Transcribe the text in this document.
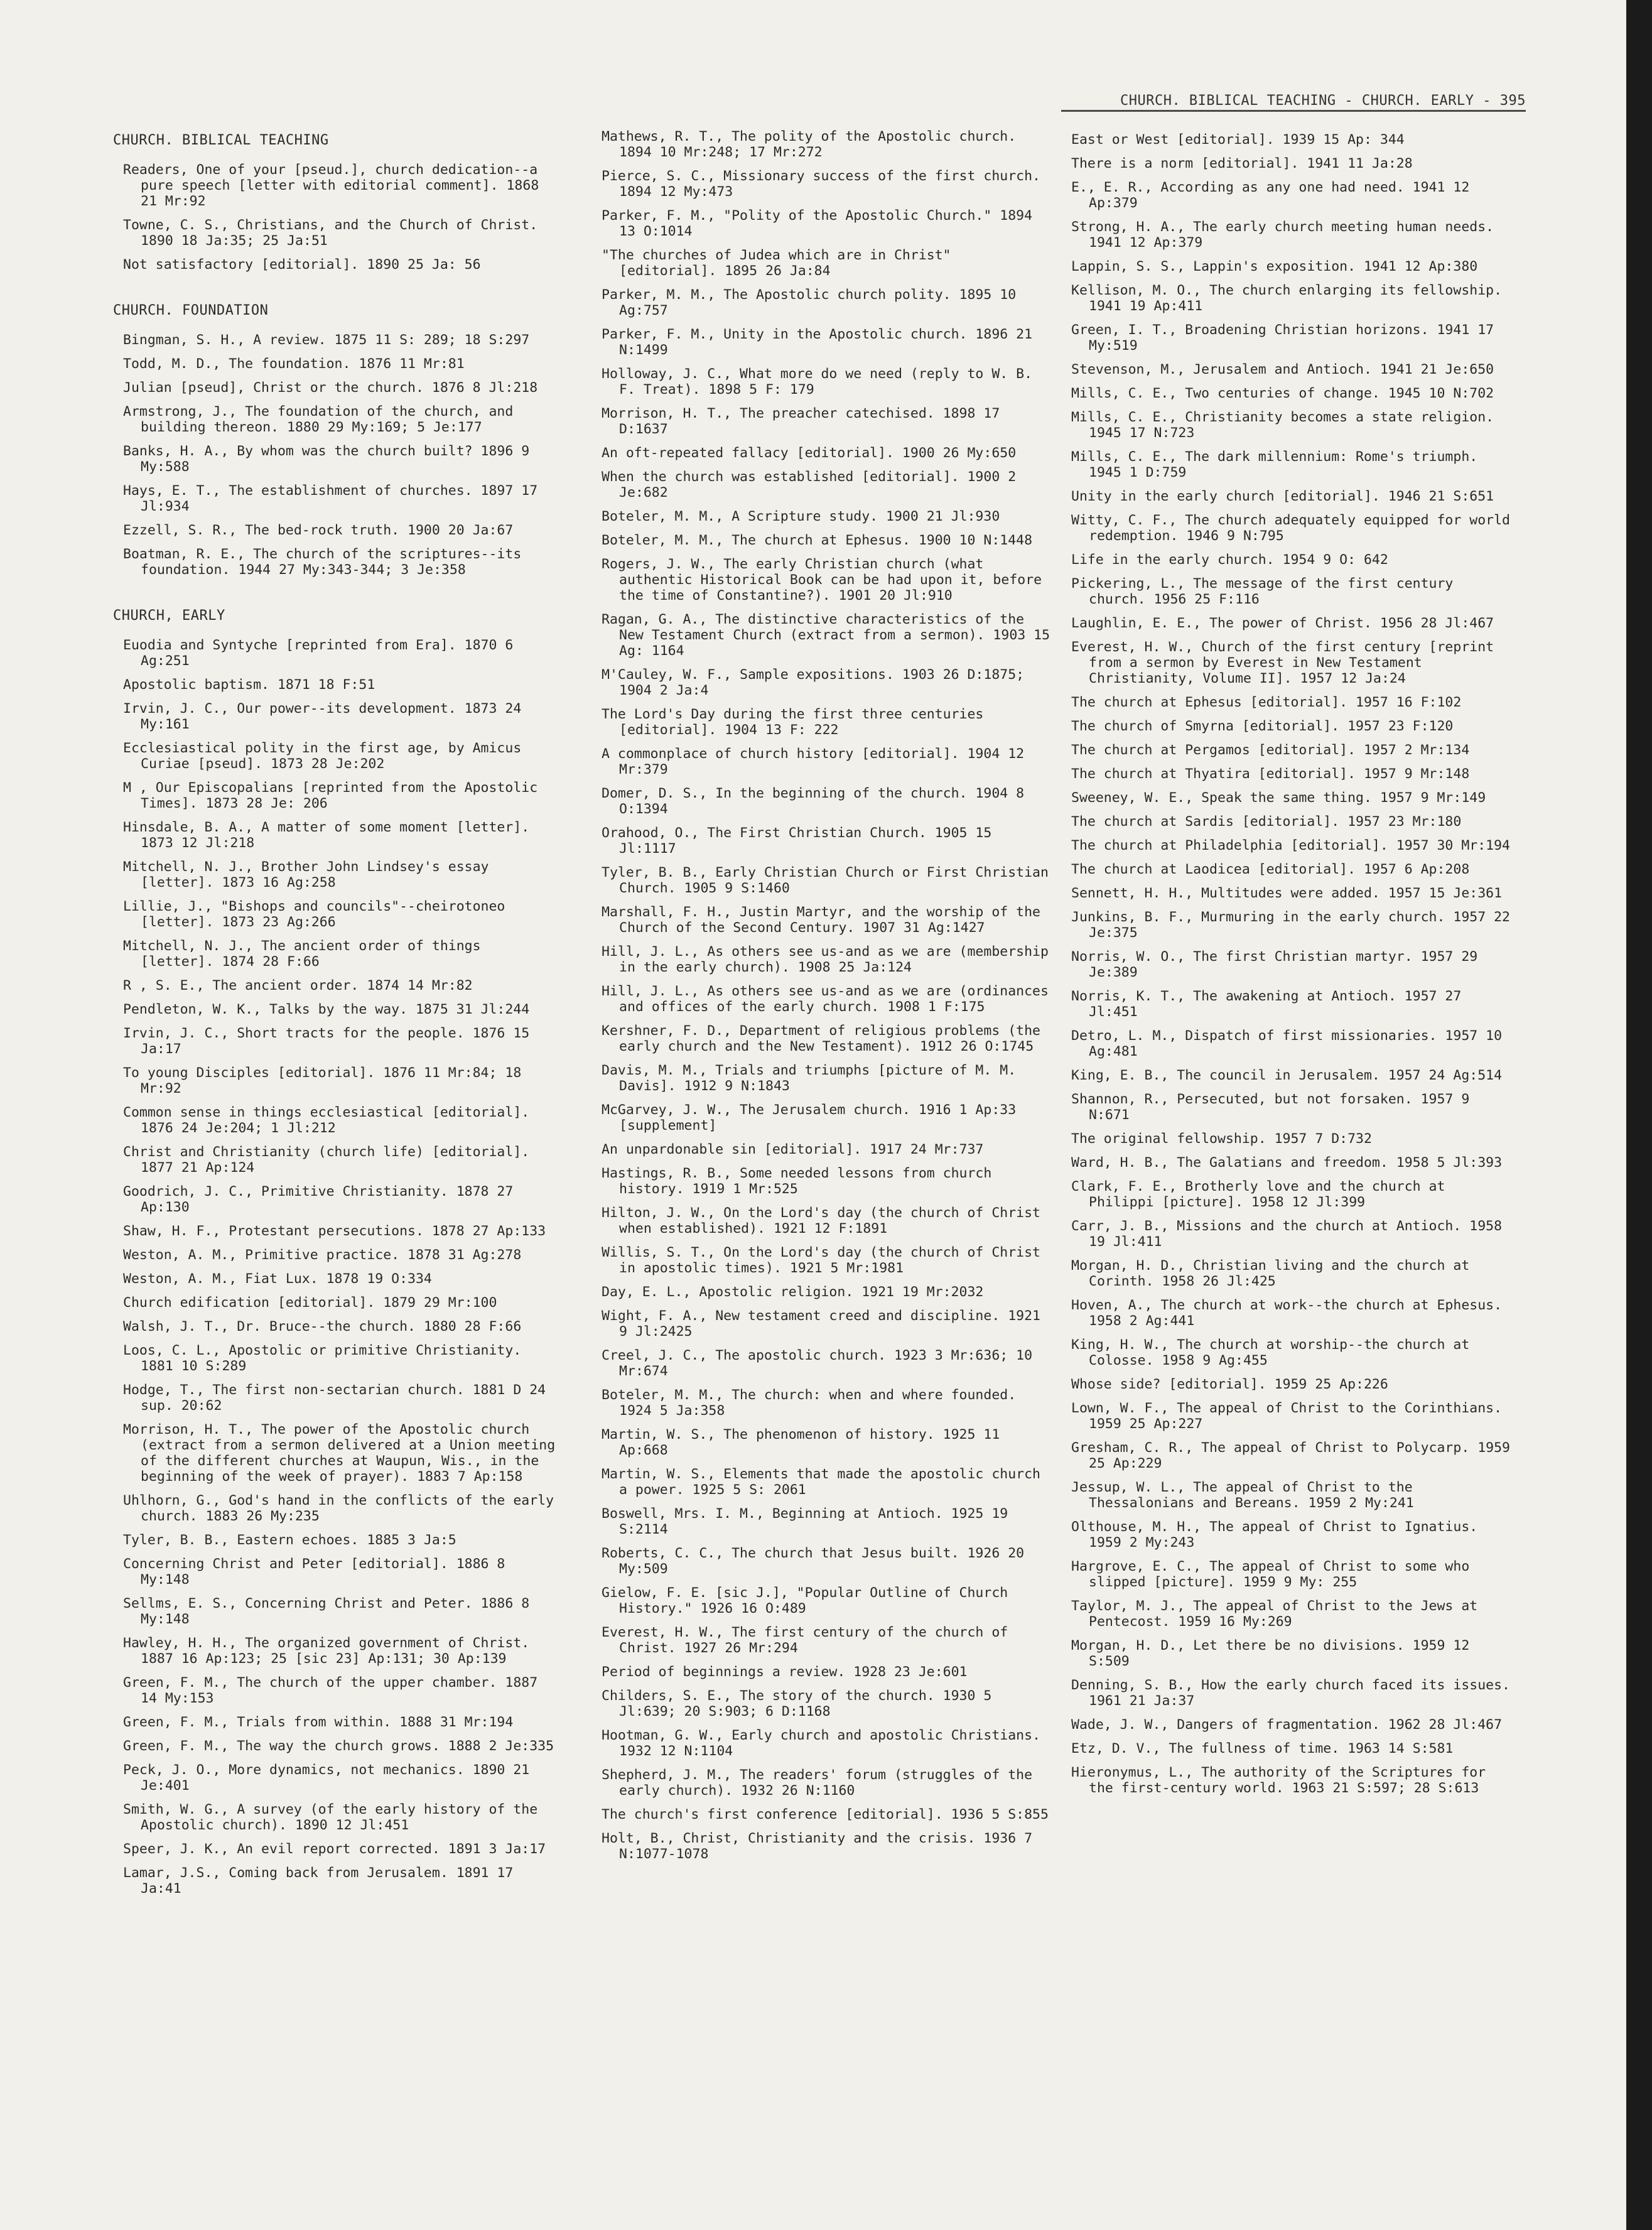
CHURCH. BIBLICAL TEACHING - CHURCH. EARLY - 395
CHURCH. BIBLICAL TEACHING
Readers, One of your [pseud.], church dedication--a pure speech [letter with editorial comment]. 1868 21 Mr:92
Towne, C. S., Christians, and the Church of Christ. 1890 18 Ja:35; 25 Ja:51
Not satisfactory [editorial]. 1890 25 Ja: 56
CHURCH. FOUNDATION
Bingman, S. H., A review. 1875 11 S: 289; 18 S:297
Todd, M. D., The foundation. 1876 11 Mr:81
Julian [pseud], Christ or the church. 1876 8 Jl:218
Armstrong, J., The foundation of the church, and building thereon. 1880 29 My:169; 5 Je:177
Banks, H. A., By whom was the church built? 1896 9 My:588
Hays, E. T., The establishment of churches. 1897 17 Jl:934
Ezzell, S. R., The bed-rock truth. 1900 20 Ja:67
Boatman, R. E., The church of the scriptures--its foundation. 1944 27 My:343-344; 3 Je:358
CHURCH, EARLY
Euodia and Syntyche [reprinted from Era]. 1870 6 Ag:251
Apostolic baptism. 1871 18 F:51
Irvin, J. C., Our power--its development. 1873 24 My:161
Ecclesiastical polity in the first age, by Amicus Curiae [pseud]. 1873 28 Je:202
M , Our Episcopalians [reprinted from the Apostolic Times]. 1873 28 Je: 206
Hinsdale, B. A., A matter of some moment [letter]. 1873 12 Jl:218
Mitchell, N. J., Brother John Lindsey's essay [letter]. 1873 16 Ag:258
Lillie, J., "Bishops and councils"--cheirotoneo [letter]. 1873 23 Ag:266
Mitchell, N. J., The ancient order of things [letter]. 1874 28 F:66
R , S. E., The ancient order. 1874 14 Mr:82
Pendleton, W. K., Talks by the way. 1875 31 Jl:244
Irvin, J. C., Short tracts for the people. 1876 15 Ja:17
To young Disciples [editorial]. 1876 11 Mr:84; 18 Mr:92
Common sense in things ecclesiastical [editorial]. 1876 24 Je:204; 1 Jl:212
Christ and Christianity (church life) [editorial]. 1877 21 Ap:124
Goodrich, J. C., Primitive Christianity. 1878 27 Ap:130
Shaw, H. F., Protestant persecutions. 1878 27 Ap:133
Weston, A. M., Primitive practice. 1878 31 Ag:278
Weston, A. M., Fiat Lux. 1878 19 O:334
Church edification [editorial]. 1879 29 Mr:100
Walsh, J. T., Dr. Bruce--the church. 1880 28 F:66
Loos, C. L., Apostolic or primitive Christianity. 1881 10 S:289
Hodge, T., The first non-sectarian church. 1881 D 24 sup. 20:62
Morrison, H. T., The power of the Apostolic church (extract from a sermon delivered at a Union meeting of the different churches at Waupun, Wis., in the beginning of the week of prayer). 1883 7 Ap:158
Uhlhorn, G., God's hand in the conflicts of the early church. 1883 26 My:235
Tyler, B. B., Eastern echoes. 1885 3 Ja:5
Concerning Christ and Peter [editorial]. 1886 8 My:148
Sellms, E. S., Concerning Christ and Peter. 1886 8 My:148
Hawley, H. H., The organized government of Christ. 1887 16 Ap:123; 25 [sic 23] Ap:131; 30 Ap:139
Green, F. M., The church of the upper chamber. 1887 14 My:153
Green, F. M., Trials from within. 1888 31 Mr:194
Green, F. M., The way the church grows. 1888 2 Je:335
Peck, J. O., More dynamics, not mechanics. 1890 21 Je:401
Smith, W. G., A survey (of the early history of the Apostolic church). 1890 12 Jl:451
Speer, J. K., An evil report corrected. 1891 3 Ja:17
Lamar, J.S., Coming back from Jerusalem. 1891 17 Ja:41
Mathews, R. T., The polity of the Apostolic church. 1894 10 Mr:248; 17 Mr:272
Pierce, S. C., Missionary success of the first church. 1894 12 My:473
Parker, F. M., "Polity of the Apostolic Church." 1894 13 O:1014
"The churches of Judea which are in Christ" [editorial]. 1895 26 Ja:84
Parker, M. M., The Apostolic church polity. 1895 10 Ag:757
Parker, F. M., Unity in the Apostolic church. 1896 21 N:1499
Holloway, J. C., What more do we need (reply to W. B. F. Treat). 1898 5 F: 179
Morrison, H. T., The preacher catechised. 1898 17 D:1637
An oft-repeated fallacy [editorial]. 1900 26 My:650
When the church was established [editorial]. 1900 2 Je:682
Boteler, M. M., A Scripture study. 1900 21 Jl:930
Boteler, M. M., The church at Ephesus. 1900 10 N:1448
Rogers, J. W., The early Christian church (what authentic Historical Book can be had upon it, before the time of Constantine?). 1901 20 Jl:910
Ragan, G. A., The distinctive characteristics of the New Testament Church (extract from a sermon). 1903 15 Ag: 1164
M'Cauley, W. F., Sample expositions. 1903 26 D:1875; 1904 2 Ja:4
The Lord's Day during the first three centuries [editorial]. 1904 13 F: 222
A commonplace of church history [editorial]. 1904 12 Mr:379
Domer, D. S., In the beginning of the church. 1904 8 O:1394
Orahood, O., The First Christian Church. 1905 15 Jl:1117
Tyler, B. B., Early Christian Church or First Christian Church. 1905 9 S:1460
Marshall, F. H., Justin Martyr, and the worship of the Church of the Second Century. 1907 31 Ag:1427
Hill, J. L., As others see us-and as we are (membership in the early church). 1908 25 Ja:124
Hill, J. L., As others see us-and as we are (ordinances and offices of the early church. 1908 1 F:175
Kershner, F. D., Department of religious problems (the early church and the New Testament). 1912 26 O:1745
Davis, M. M., Trials and triumphs [picture of M. M. Davis]. 1912 9 N:1843
McGarvey, J. W., The Jerusalem church. 1916 1 Ap:33 [supplement]
An unpardonable sin [editorial]. 1917 24 Mr:737
Hastings, R. B., Some needed lessons from church history. 1919 1 Mr:525
Hilton, J. W., On the Lord's day (the church of Christ when established). 1921 12 F:1891
Willis, S. T., On the Lord's day (the church of Christ in apostolic times). 1921 5 Mr:1981
Day, E. L., Apostolic religion. 1921 19 Mr:2032
Wight, F. A., New testament creed and discipline. 1921 9 Jl:2425
Creel, J. C., The apostolic church. 1923 3 Mr:636; 10 Mr:674
Boteler, M. M., The church: when and where founded. 1924 5 Ja:358
Martin, W. S., The phenomenon of history. 1925 11 Ap:668
Martin, W. S., Elements that made the apostolic church a power. 1925 5 S: 2061
Boswell, Mrs. I. M., Beginning at Antioch. 1925 19 S:2114
Roberts, C. C., The church that Jesus built. 1926 20 My:509
Gielow, F. E. [sic J.], "Popular Outline of Church History." 1926 16 O:489
Everest, H. W., The first century of the church of Christ. 1927 26 Mr:294
Period of beginnings a review. 1928 23 Je:601
Childers, S. E., The story of the church. 1930 5 Jl:639; 20 S:903; 6 D:1168
Hootman, G. W., Early church and apostolic Christians. 1932 12 N:1104
Shepherd, J. M., The readers' forum (struggles of the early church). 1932 26 N:1160
The church's first conference [editorial]. 1936 5 S:855
Holt, B., Christ, Christianity and the crisis. 1936 7 N:1077-1078
East or West [editorial]. 1939 15 Ap: 344
There is a norm [editorial]. 1941 11 Ja:28
E., E. R., According as any one had need. 1941 12 Ap:379
Strong, H. A., The early church meeting human needs. 1941 12 Ap:379
Lappin, S. S., Lappin's exposition. 1941 12 Ap:380
Kellison, M. O., The church enlarging its fellowship. 1941 19 Ap:411
Green, I. T., Broadening Christian horizons. 1941 17 My:519
Stevenson, M., Jerusalem and Antioch. 1941 21 Je:650
Mills, C. E., Two centuries of change. 1945 10 N:702
Mills, C. E., Christianity becomes a state religion. 1945 17 N:723
Mills, C. E., The dark millennium: Rome's triumph. 1945 1 D:759
Unity in the early church [editorial]. 1946 21 S:651
Witty, C. F., The church adequately equipped for world redemption. 1946 9 N:795
Life in the early church. 1954 9 O: 642
Pickering, L., The message of the first century church. 1956 25 F:116
Laughlin, E. E., The power of Christ. 1956 28 Jl:467
Everest, H. W., Church of the first century [reprint from a sermon by Everest in New Testament Christianity, Volume II]. 1957 12 Ja:24
The church at Ephesus [editorial]. 1957 16 F:102
The church of Smyrna [editorial]. 1957 23 F:120
The church at Pergamos [editorial]. 1957 2 Mr:134
The church at Thyatira [editorial]. 1957 9 Mr:148
Sweeney, W. E., Speak the same thing. 1957 9 Mr:149
The church at Sardis [editorial]. 1957 23 Mr:180
The church at Philadelphia [editorial]. 1957 30 Mr:194
The church at Laodicea [editorial]. 1957 6 Ap:208
Sennett, H. H., Multitudes were added. 1957 15 Je:361
Junkins, B. F., Murmuring in the early church. 1957 22 Je:375
Norris, W. O., The first Christian martyr. 1957 29 Je:389
Norris, K. T., The awakening at Antioch. 1957 27 Jl:451
Detro, L. M., Dispatch of first missionaries. 1957 10 Ag:481
King, E. B., The council in Jerusalem. 1957 24 Ag:514
Shannon, R., Persecuted, but not forsaken. 1957 9 N:671
The original fellowship. 1957 7 D:732
Ward, H. B., The Galatians and freedom. 1958 5 Jl:393
Clark, F. E., Brotherly love and the church at Philippi [picture]. 1958 12 Jl:399
Carr, J. B., Missions and the church at Antioch. 1958 19 Jl:411
Morgan, H. D., Christian living and the church at Corinth. 1958 26 Jl:425
Hoven, A., The church at work--the church at Ephesus. 1958 2 Ag:441
King, H. W., The church at worship--the church at Colosse. 1958 9 Ag:455
Whose side? [editorial]. 1959 25 Ap:226
Lown, W. F., The appeal of Christ to the Corinthians. 1959 25 Ap:227
Gresham, C. R., The appeal of Christ to Polycarp. 1959 25 Ap:229
Jessup, W. L., The appeal of Christ to the Thessalonians and Bereans. 1959 2 My:241
Olthouse, M. H., The appeal of Christ to Ignatius. 1959 2 My:243
Hargrove, E. C., The appeal of Christ to some who slipped [picture]. 1959 9 My: 255
Taylor, M. J., The appeal of Christ to the Jews at Pentecost. 1959 16 My:269
Morgan, H. D., Let there be no divisions. 1959 12 S:509
Denning, S. B., How the early church faced its issues. 1961 21 Ja:37
Wade, J. W., Dangers of fragmentation. 1962 28 Jl:467
Etz, D. V., The fullness of time. 1963 14 S:581
Hieronymus, L., The authority of the Scriptures for the first-century world. 1963 21 S:597; 28 S:613
